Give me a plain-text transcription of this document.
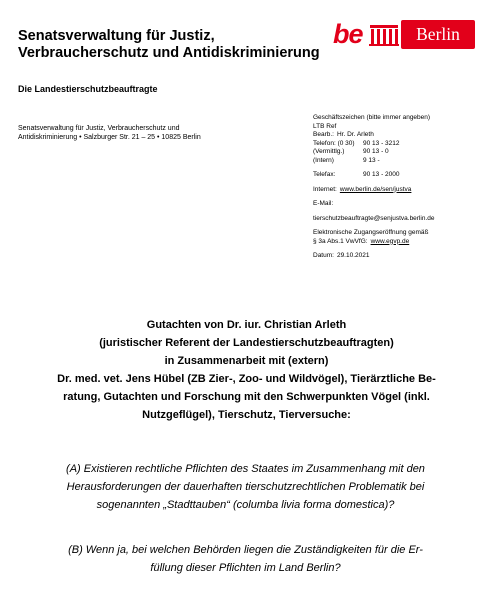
Senatsverwaltung für Justiz,
Verbraucherschutz und Antidiskriminierung
be	Berlin
Die Landestierschutzbeauftragte
Senatsverwaltung für Justiz, Verbraucherschutz und
Antidiskriminierung • Salzburger Str. 21 – 25 • 10825 Berlin
Geschäftszeichen (bitte immer angeben)
LTB Ref
Bearb.: Hr. Dr. Arleth
Telefon: (0 30)	90 13 - 3212
(Vermittlg.)	90 13 - 0
(Intern)	9 13 -
Telefax:	90 13 - 2000
Internet: www.berlin.de/sen/justva
E-Mail:
tierschutzbeauftragte@senjustva.berlin.de
Elektronische Zugangseröffnung gemäß
§ 3a Abs.1 VwVfG: www.egvp.de
Datum: 29.10.2021
Gutachten von Dr. iur. Christian Arleth
(juristischer Referent der Landestierschutzbeauftragten)
in Zusammenarbeit mit (extern)
Dr. med. vet. Jens Hübel (ZB Zier-, Zoo- und Wildvögel), Tierärztliche Be-
ratung, Gutachten und Forschung mit den Schwerpunkten Vögel (inkl.
Nutzgeflügel), Tierschutz, Tierversuche:
(A) Existieren rechtliche Pflichten des Staates im Zusammenhang mit den
Herausforderungen der dauerhaften tierschutzrechtlichen Problematik bei
sogenannten „Stadttauben“ (columba livia forma domestica)?
(B) Wenn ja, bei welchen Behörden liegen die Zuständigkeiten für die Er-
füllung dieser Pflichten im Land Berlin?
